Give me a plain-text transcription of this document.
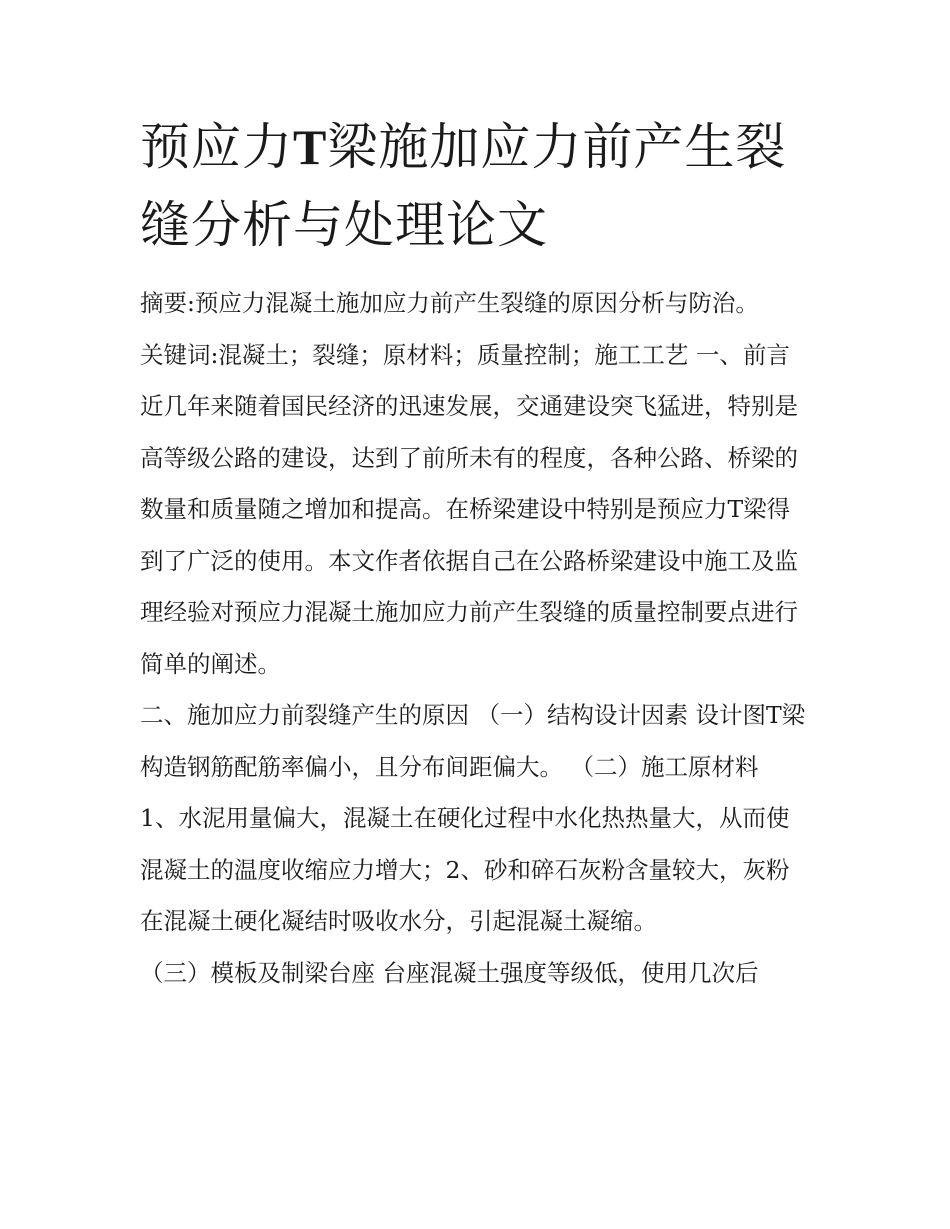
预应力T梁施加应力前产生裂缝分析与处理论文

摘要:预应力混凝土施加应力前产生裂缝的原因分析与防治。

关键词:混凝土；裂缝；原材料；质量控制；施工工艺 一、前言

近几年来随着国民经济的迅速发展，交通建设突飞猛进，特别是高等级公路的建设，达到了前所未有的程度，各种公路、桥梁的数量和质量随之增加和提高。在桥梁建设中特别是预应力T梁得到了广泛的使用。本文作者依据自己在公路桥梁建设中施工及监理经验对预应力混凝土施加应力前产生裂缝的质量控制要点进行简单的阐述。

二、施加应力前裂缝产生的原因 （一）结构设计因素 设计图T梁构造钢筋配筋率偏小，且分布间距偏大。 （二）施工原材料

1、水泥用量偏大，混凝土在硬化过程中水化热热量大，从而使混凝土的温度收缩应力增大；2、砂和碎石灰粉含量较大，灰粉在混凝土硬化凝结时吸收水分，引起混凝土凝缩。

（三）模板及制梁台座 台座混凝土强度等级低，使用几次后
